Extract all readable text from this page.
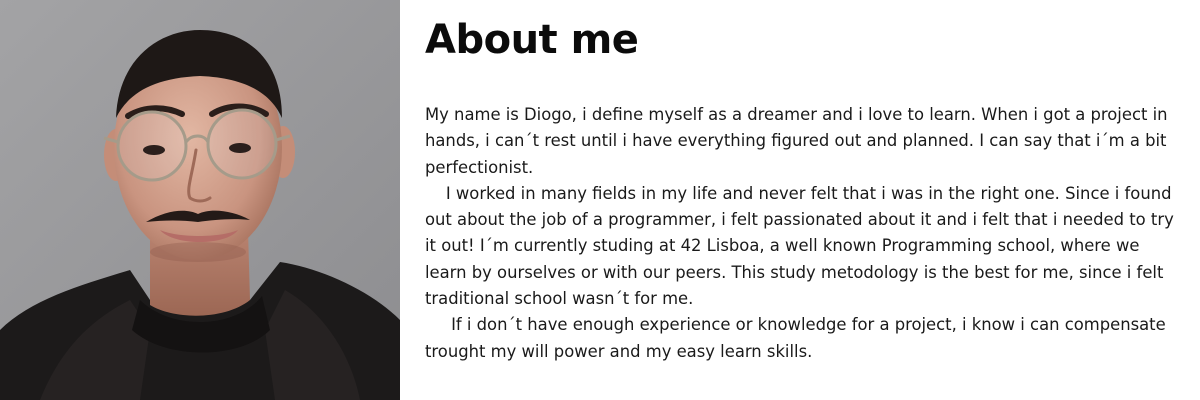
About me

My name is Diogo, i define myself as a dreamer and i love to learn. When i got a project in hands, i can´t rest until i have everything figured out and planned. I can say that i´m a bit perfectionist.

I worked in many fields in my life and never felt that i was in the right one. Since i found out about the job of a programmer, i felt passionated about it and i felt that i needed to try it out! I´m currently studing at 42 Lisboa, a well known Programming school, where we learn by ourselves or with our peers. This study metodology is the best for me, since i felt traditional school wasn´t for me.

If i don´t have enough experience or knowledge for a project, i know i can compensate trought my will power and my easy learn skills.
